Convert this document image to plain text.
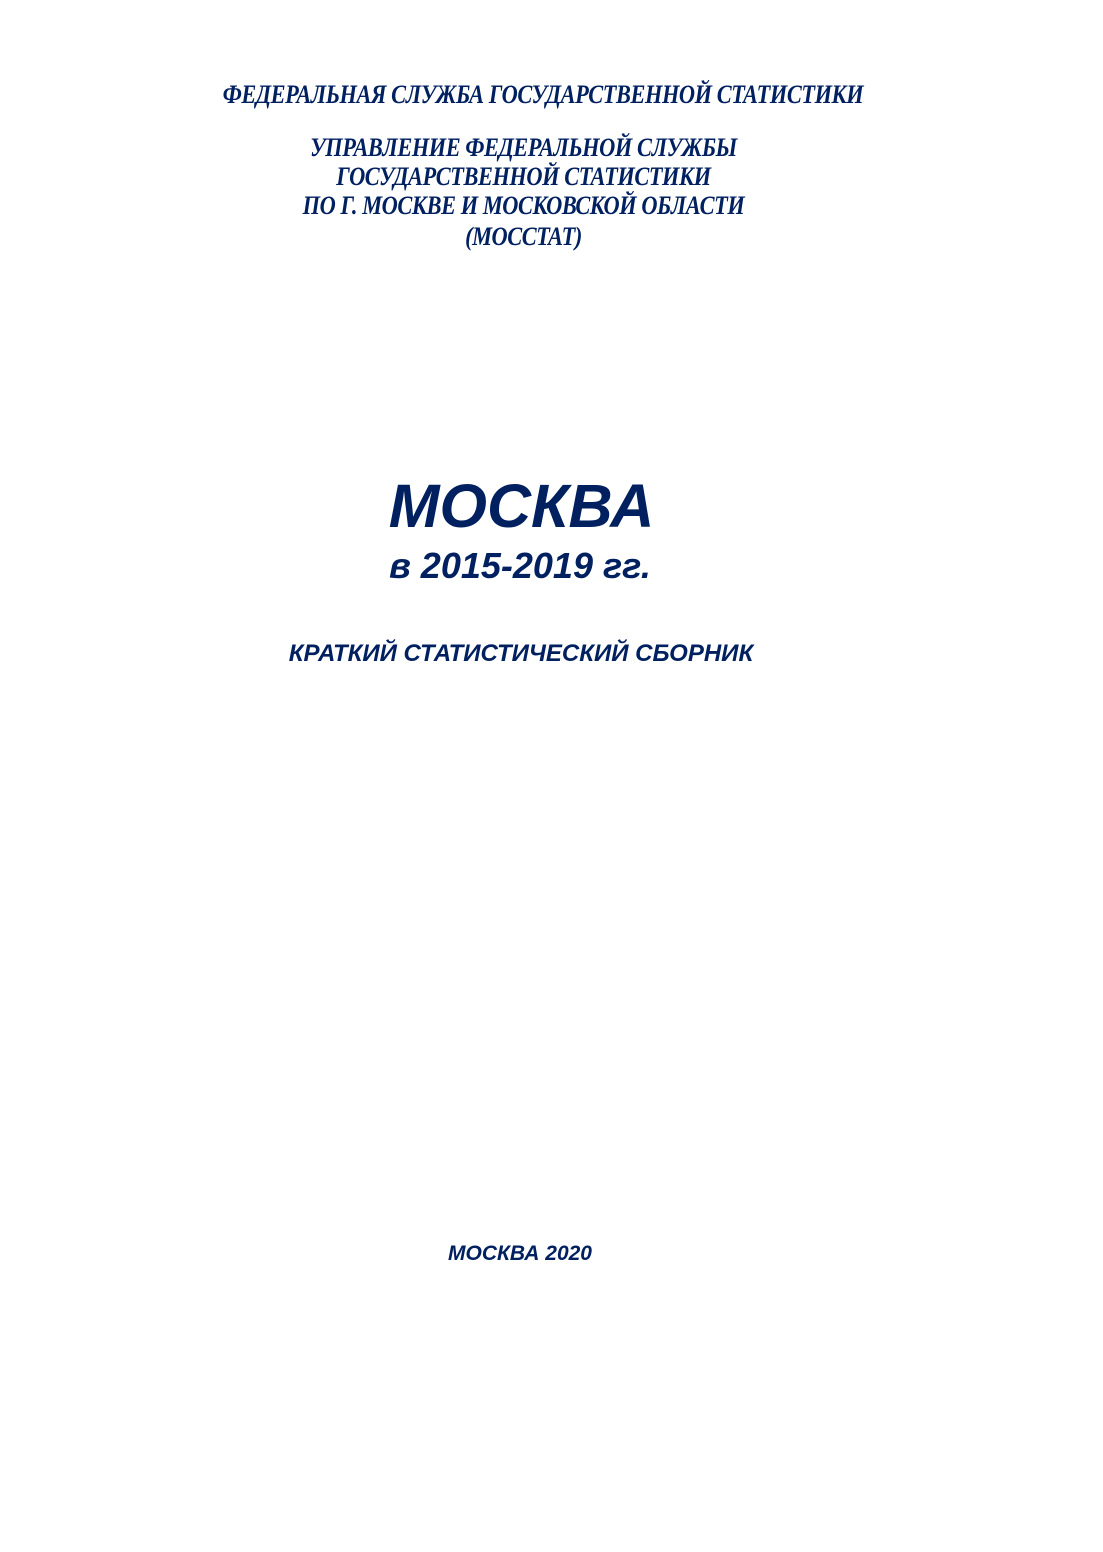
ФЕДЕРАЛЬНАЯ СЛУЖБА ГОСУДАРСТВЕННОЙ СТАТИСТИКИ
УПРАВЛЕНИЕ ФЕДЕРАЛЬНОЙ СЛУЖБЫ
ГОСУДАРСТВЕННОЙ СТАТИСТИКИ
ПО Г. МОСКВЕ И МОСКОВСКОЙ ОБЛАСТИ
(МОССТАТ)
МОСКВА
в 2015-2019 гг.
КРАТКИЙ СТАТИСТИЧЕСКИЙ СБОРНИК
МОСКВА 2020
